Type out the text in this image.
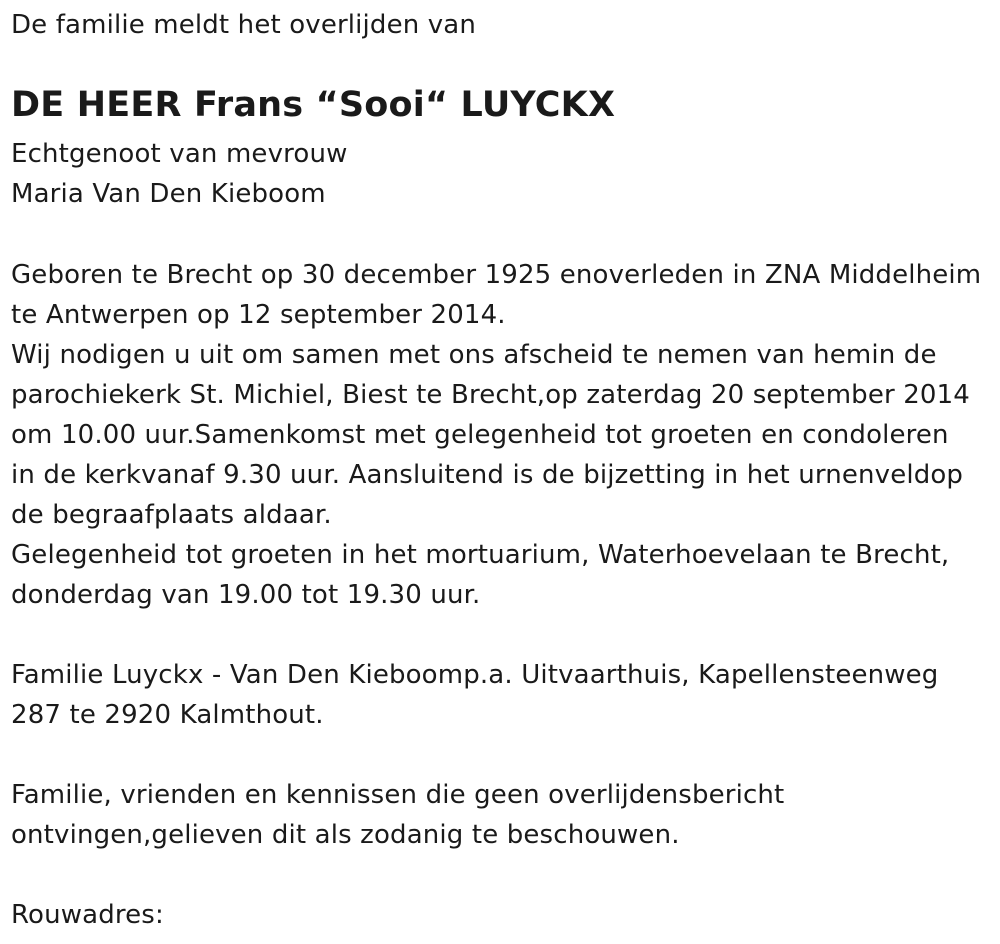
De familie meldt het overlijden van
DE HEER Frans “Sooi“ LUYCKX
Echtgenoot van mevrouw
Maria Van Den Kieboom
Geboren te Brecht op 30 december 1925 enoverleden in ZNA Middelheim
te Antwerpen op 12 september 2014.
Wij nodigen u uit om samen met ons afscheid te nemen van hemin de
parochiekerk St. Michiel, Biest te Brecht,op zaterdag 20 september 2014
om 10.00 uur.Samenkomst met gelegenheid tot groeten en condoleren
in de kerkvanaf 9.30 uur. Aansluitend is de bijzetting in het urnenveldop
de begraafplaats aldaar.
Gelegenheid tot groeten in het mortuarium, Waterhoevelaan te Brecht,
donderdag van 19.00 tot 19.30 uur.
Familie Luyckx - Van Den Kieboomp.a. Uitvaarthuis, Kapellensteenweg
287 te 2920 Kalmthout.
Familie, vrienden en kennissen die geen overlijdensbericht
ontvingen,gelieven dit als zodanig te beschouwen.
Rouwadres:
